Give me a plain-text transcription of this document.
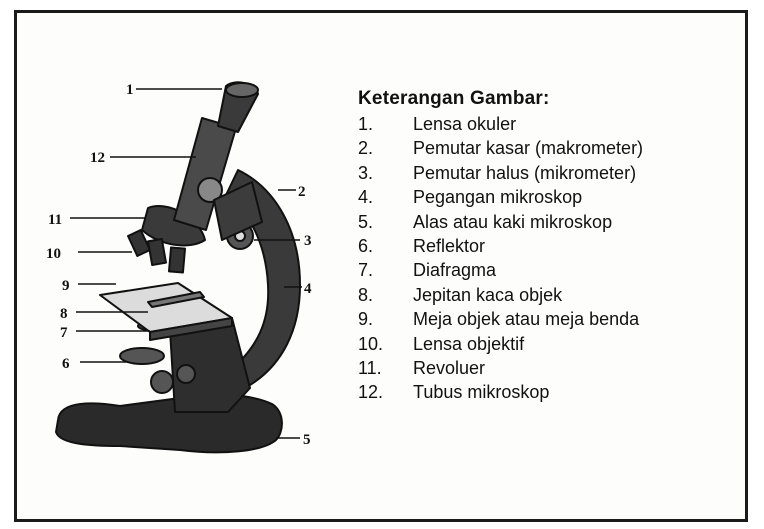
1
12
2
3
4
5
6
7
8
9
10
11
Keterangan Gambar:
1.	Lensa okuler
2.	Pemutar kasar (makrometer)
3.	Pemutar halus (mikrometer)
4.	Pegangan mikroskop
5.	Alas atau kaki mikroskop
6.	Reflektor
7.	Diafragma
8.	Jepitan kaca objek
9.	Meja objek atau meja benda
10.	Lensa objektif
11.	Revoluer
12.	Tubus mikroskop
